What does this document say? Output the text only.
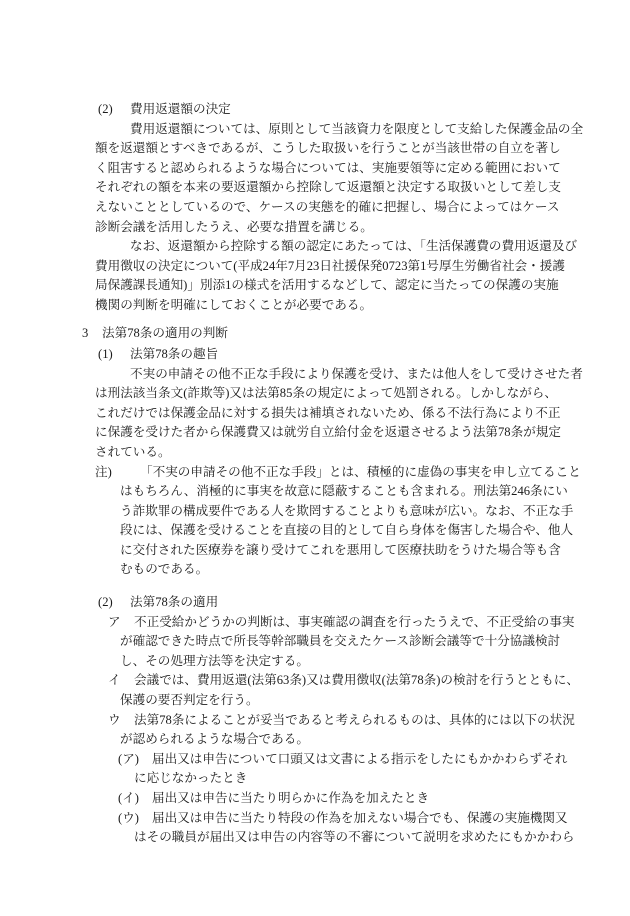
(2) 費用返還額の決定
費用返還額については、原則として当該資力を限度として支給した保護金品の全
額を返還額とすべきであるが、こうした取扱いを行うことが当該世帯の自立を著し
く阻害すると認められるような場合については、実施要領等に定める範囲において
それぞれの額を本来の要返還額から控除して返還額と決定する取扱いとして差し支
えないこととしているので、ケースの実態を的確に把握し、場合によってはケース
診断会議を活用したうえ、必要な措置を講じる。
なお、返還額から控除する額の認定にあたっては、「生活保護費の費用返還及び
費用徴収の決定について(平成24年7月23日社援保発0723第1号厚生労働省社会・援護
局保護課長通知)」別添1の様式を活用するなどして、認定に当たっての保護の実施
機関の判断を明確にしておくことが必要である。
3 法第78条の適用の判断
(1) 法第78条の趣旨
不実の申請その他不正な手段により保護を受け、または他人をして受けさせた者
は刑法該当条文(詐欺等)又は法第85条の規定によって処罰される。しかしながら、
これだけでは保護金品に対する損失は補填されないため、係る不法行為により不正
に保護を受けた者から保護費又は就労自立給付金を返還させるよう法第78条が規定
されている。
注) 「不実の申請その他不正な手段」とは、積極的に虚偽の事実を申し立てること
はもちろん、消極的に事実を故意に隠蔽することも含まれる。刑法第246条にい
う詐欺罪の構成要件である人を欺罔することよりも意味が広い。なお、不正な手
段には、保護を受けることを直接の目的として自ら身体を傷害した場合や、他人
に交付された医療券を譲り受けてこれを悪用して医療扶助をうけた場合等も含
むものである。
(2) 法第78条の適用
ア 不正受給かどうかの判断は、事実確認の調査を行ったうえで、不正受給の事実
が確認できた時点で所長等幹部職員を交えたケース診断会議等で十分協議検討
し、その処理方法等を決定する。
イ 会議では、費用返還(法第63条)又は費用徴収(法第78条)の検討を行うとともに、
保護の要否判定を行う。
ウ 法第78条によることが妥当であると考えられるものは、具体的には以下の状況
が認められるような場合である。
(ア) 届出又は申告について口頭又は文書による指示をしたにもかかわらずそれ
に応じなかったとき
(イ) 届出又は申告に当たり明らかに作為を加えたとき
(ウ) 届出又は申告に当たり特段の作為を加えない場合でも、保護の実施機関又
はその職員が届出又は申告の内容等の不審について説明を求めたにもかかわら
